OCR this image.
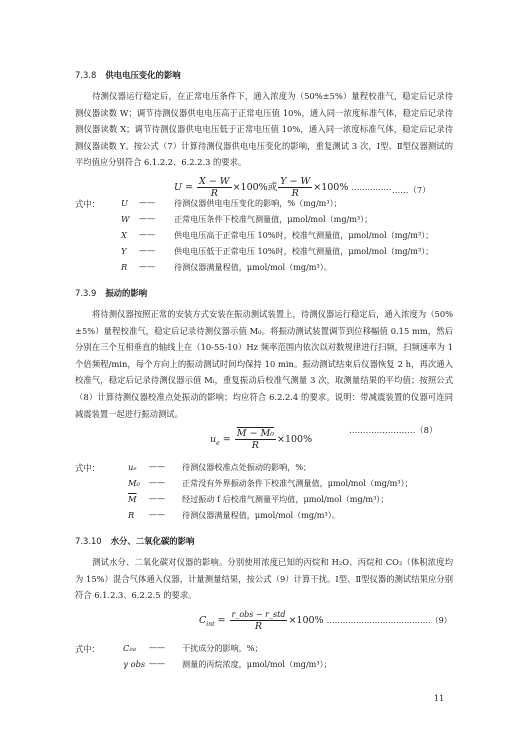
7.3.8 供电电压变化的影响
待测仪器运行稳定后，在正常电压条件下，通入浓度为（50%±5%）量程校准气，稳定后记录待测仪器读数 W；调节待测仪器供电电压高于正常电压值 10%，通入同一浓度标准气体，稳定后记录待测仪器读数 X；调节待测仪器供电电压低于正常电压值 10%，通入同一浓度标准气体，稳定后记录待测仪器读数 Y。按公式（7）计算待测仪器供电电压变化的影响，重复测试 3 次，Ⅰ型、Ⅱ型仪器测试的平均值应分别符合 6.1.2.2、6.2.2.3 的要求。
$U = \frac{X - W}{R} \times 100\%$或 $\frac{Y - W}{R} \times 100\%$ …………… ……（7）
式中：	U —— 待测仪器供电电压变化的影响，%（mg/m³）；
W —— 正常电压条件下校准气测量值，μmol/mol（mg/m³）；
X —— 供电电压高于正常电压 10%时，校准气测量值，μmol/mol（mg/m³）；
Y —— 供电电压低于正常电压 10%时，校准气测量值，μmol/mol（mg/m³）；
R —— 待测仪器满量程值，μmol/mol（mg/m³）。
7.3.9 振动的影响
将待测仪器按照正常的安装方式安装在振动测试装置上，待测仪器运行稳定后，通入浓度为（50%±5%）量程校准气，稳定后记录待测仪器示值 M₀。将振动测试装置调节到位移幅值 0.15 mm，然后分别在三个互相垂直的轴线上在（10-55-10）Hz 频率范围内依次以对数规律进行扫频，扫频速率为 1 个倍频程/min，每个方向上的振动测试时间均保持 10 min。振动测试结束后仪器恢复 2 h，再次通入校准气，稳定后记录待测仪器示值 Mᵢ，重复振动后校准气测量 3 次，取测量结果的平均值；按照公式（8）计算待测仪器校准点处振动的影响；均应符合 6.2.2.4 的要求。说明：带减震装置的仪器可连同减震装置一起进行振动测试。
$u_e = \frac{\text{M − M₀}}{R} \times 100\%$
……………………（8）
式中：	uₑ —— 待测仪器校准点处振动的影响，%；
M₀ —— 正常没有外界振动条件下校准气测量值，μmol/mol（mg/m³）；
$\overline{M}$ —— 经过振动 f 后校准气测量平均值，μmol/mol（mg/m³）；
R —— 待测仪器满量程值，μmol/mol（mg/m³）。
7.3.10 水分、二氧化碳的影响
测试水分、二氧化碳对仪器的影响。分别使用浓度已知的丙烷和 H₂O、丙烷和 CO₂（体积浓度均为 15%）混合气体通入仪器，计量测量结果，按公式（9）计算干扰。Ⅰ型、Ⅱ型仪器的测试结果应分别符合 6.1.2.3、6.2.2.5 的要求。
$C_{int} = \frac{\text{r\_obs − r\_std}}{R} \times 100\%$ …………………………………（9）
式中：	Cᵢₙₜ —— 干扰成分的影响，%；
γ obs —— 测量的丙烷浓度，μmol/mol（mg/m³）；
11
